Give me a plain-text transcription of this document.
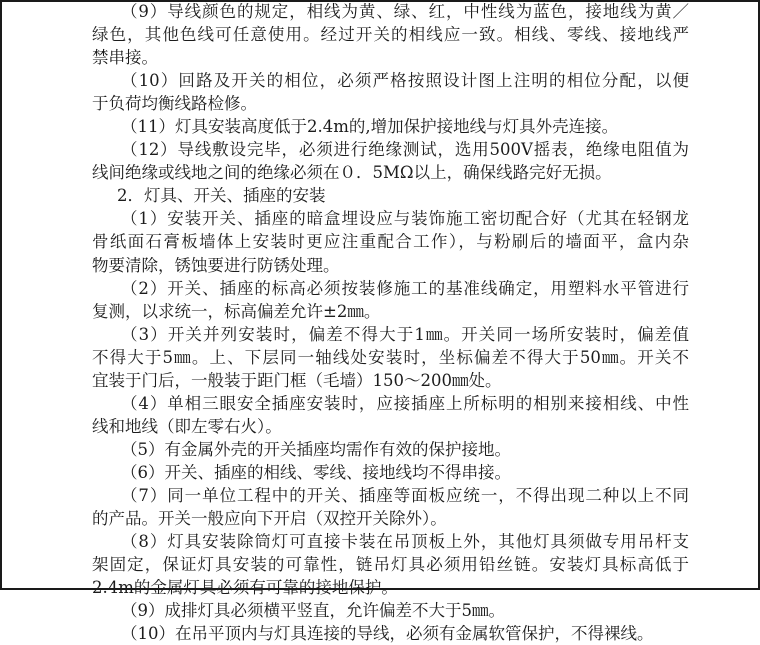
（9）导线颜色的规定，相线为黄、绿、红，中性线为蓝色，接地线为黄／
绿色，其他色线可任意使用。经过开关的相线应一致。相线、零线、接地线严
禁串接。
（10）回路及开关的相位，必须严格按照设计图上注明的相位分配，以便
于负荷均衡线路检修。
（11）灯具安装高度低于2.4m的,增加保护接地线与灯具外壳连接。
（12）导线敷设完毕，必须进行绝缘测试，选用500V摇表，绝缘电阻值为
线间绝缘或线地之间的绝缘必须在０．5MΩ以上，确保线路完好无损。
2．灯具、开关、插座的安装
（1）安装开关、插座的暗盒埋设应与装饰施工密切配合好（尤其在轻钢龙
骨纸面石膏板墙体上安装时更应注重配合工作），与粉刷后的墙面平，盒内杂
物要清除，锈蚀要进行防锈处理。
（2）开关、插座的标高必须按装修施工的基准线确定，用塑料水平管进行
复测，以求统一，标高偏差允许±2㎜。
（3）开关并列安装时，偏差不得大于1㎜。开关同一场所安装时，偏差值
不得大于5㎜。上、下层同一轴线处安装时，坐标偏差不得大于50㎜。开关不
宜装于门后，一般装于距门框（毛墙）150～200㎜处。
（4）单相三眼安全插座安装时，应接插座上所标明的相别来接相线、中性
线和地线（即左零右火）。
（5）有金属外壳的开关插座均需作有效的保护接地。
（6）开关、插座的相线、零线、接地线均不得串接。
（7）同一单位工程中的开关、插座等面板应统一，不得出现二种以上不同
的产品。开关一般应向下开启（双控开关除外）。
（8）灯具安装除筒灯可直接卡装在吊顶板上外，其他灯具须做专用吊杆支
架固定，保证灯具安装的可靠性，链吊灯具必须用铅丝链。安装灯具标高低于
2.4m的金属灯具必须有可靠的接地保护。
（9）成排灯具必须横平竖直，允许偏差不大于5㎜。
（10）在吊平顶内与灯具连接的导线，必须有金属软管保护，不得裸线。
